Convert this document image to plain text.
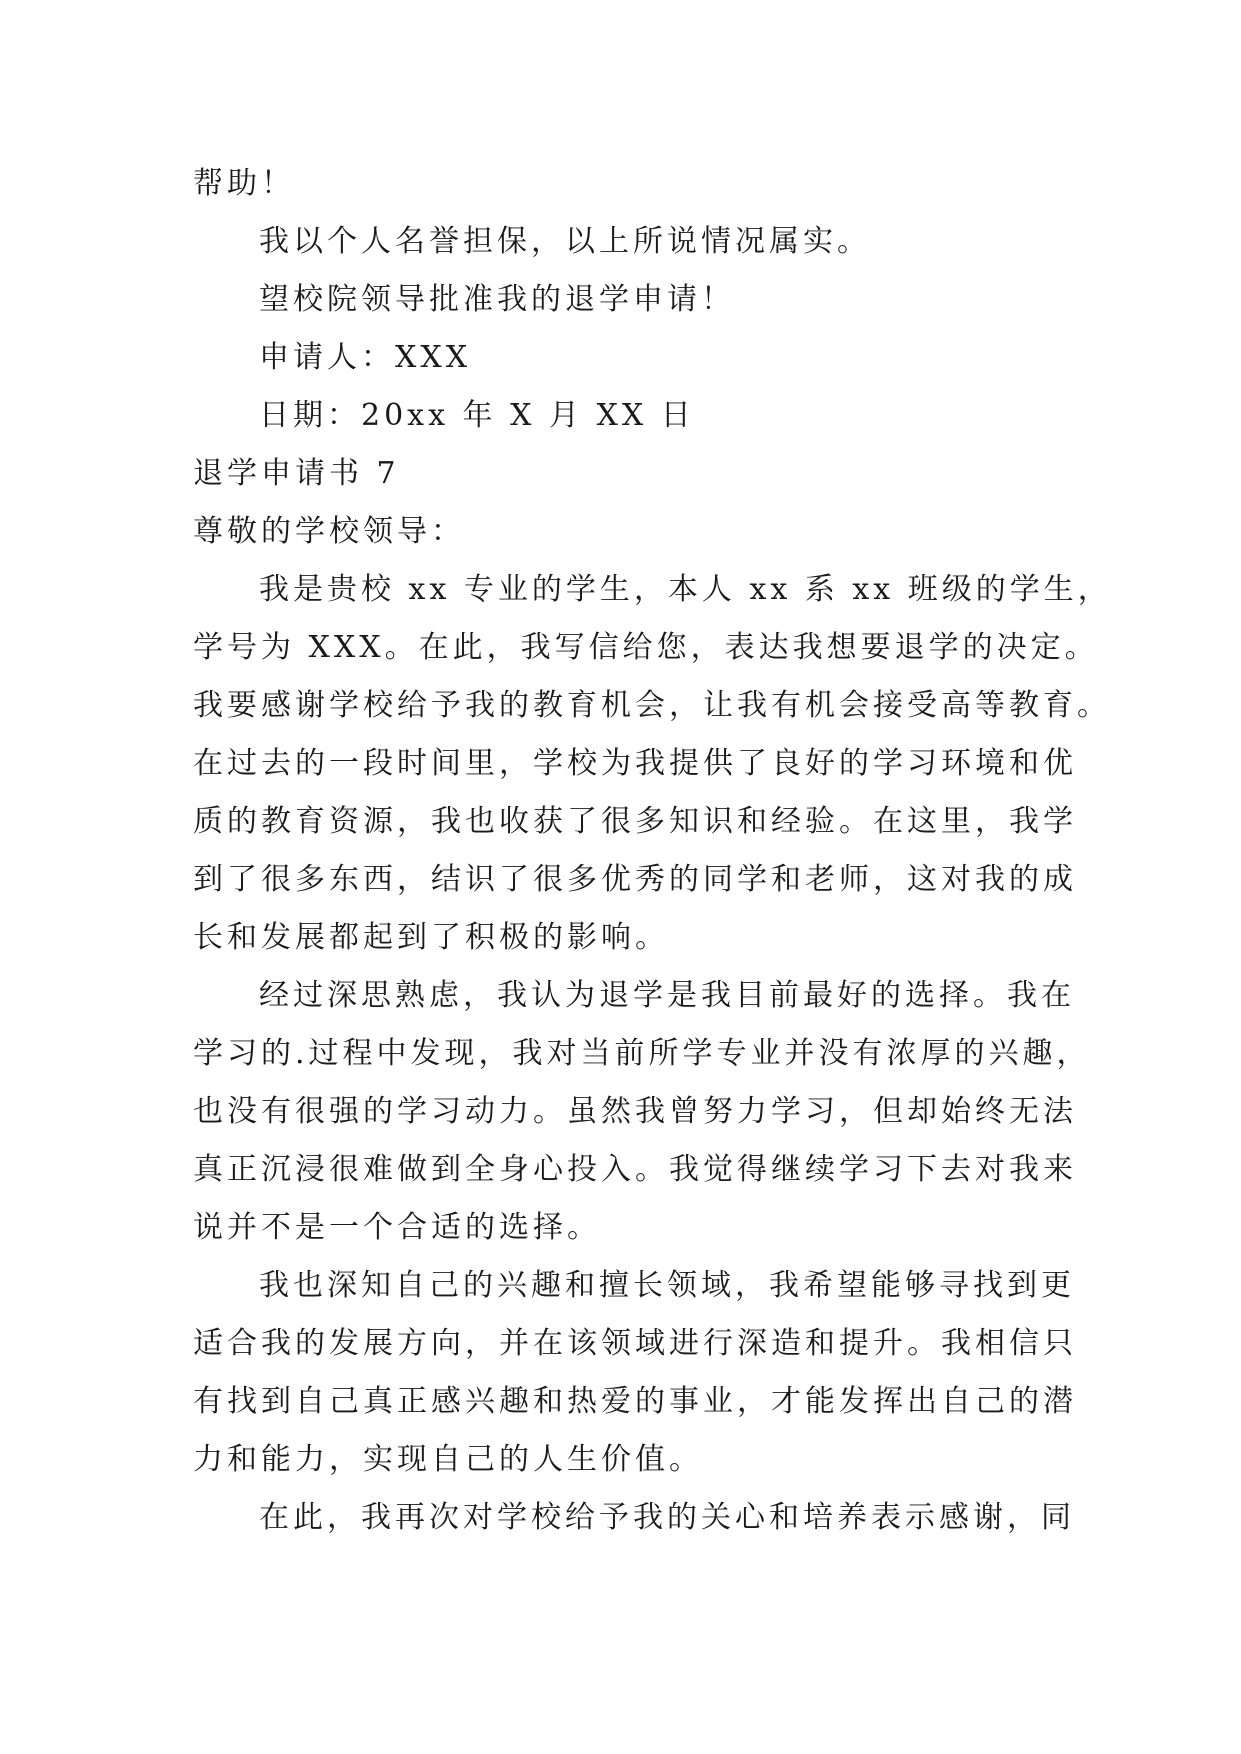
帮助！

我以个人名誉担保，以上所说情况属实。

望校院领导批准我的退学申请！

申请人：XXX

日期：20xx 年 X 月 XX 日

退学申请书 7

尊敬的学校领导：

我是贵校 xx 专业的学生，本人 xx 系 xx 班级的学生，

学号为 XXX。在此，我写信给您，表达我想要退学的决定。

我要感谢学校给予我的教育机会，让我有机会接受高等教育。

在过去的一段时间里，学校为我提供了良好的学习环境和优

质的教育资源，我也收获了很多知识和经验。在这里，我学

到了很多东西，结识了很多优秀的同学和老师，这对我的成

长和发展都起到了积极的影响。

经过深思熟虑，我认为退学是我目前最好的选择。我在

学习的.过程中发现，我对当前所学专业并没有浓厚的兴趣，

也没有很强的学习动力。虽然我曾努力学习，但却始终无法

真正沉浸很难做到全身心投入。我觉得继续学习下去对我来

说并不是一个合适的选择。

我也深知自己的兴趣和擅长领域，我希望能够寻找到更

适合我的发展方向，并在该领域进行深造和提升。我相信只

有找到自己真正感兴趣和热爱的事业，才能发挥出自己的潜

力和能力，实现自己的人生价值。

在此，我再次对学校给予我的关心和培养表示感谢，同
